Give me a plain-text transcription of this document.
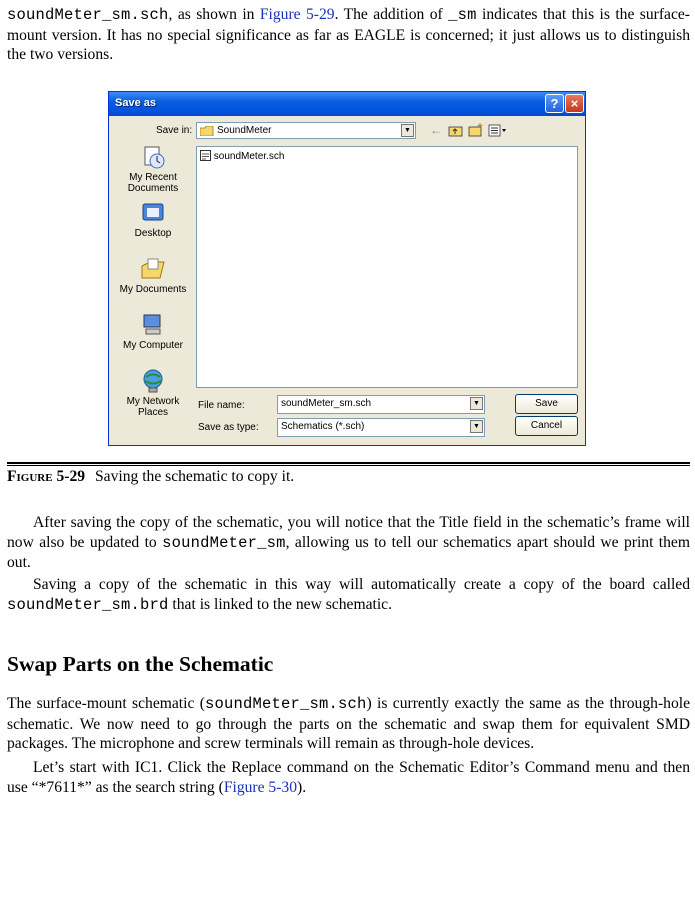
soundMeter_sm.sch, as shown in Figure 5-29. The addition of _sm indicates that this is the surface-mount version. It has no special significance as far as EAGLE is concerned; it just allows us to distinguish the two versions.
Save as	? ×
Save in: SoundMeter	▼ ←
My Recent Documents
Desktop
My Documents
My Computer
My Network Places
soundMeter.sch
File name:	soundMeter_sm.sch	▼
Save as type: Schematics (*.sch)	▼
Save
Cancel
Figure 5-29 Saving the schematic to copy it.
After saving the copy of the schematic, you will notice that the Title field in the schematic’s frame will now also be updated to soundMeter_sm, allowing us to tell our schematics apart should we print them out.
Saving a copy of the schematic in this way will automatically create a copy of the board called soundMeter_sm.brd that is linked to the new schematic.
Swap Parts on the Schematic
The surface-mount schematic (soundMeter_sm.sch) is currently exactly the same as the through-hole schematic. We now need to go through the parts on the schematic and swap them for equivalent SMD packages. The microphone and screw terminals will remain as through-hole devices.
Let’s start with IC1. Click the Replace command on the Schematic Editor’s Command menu and then use “*7611*” as the search string (Figure 5-30).
